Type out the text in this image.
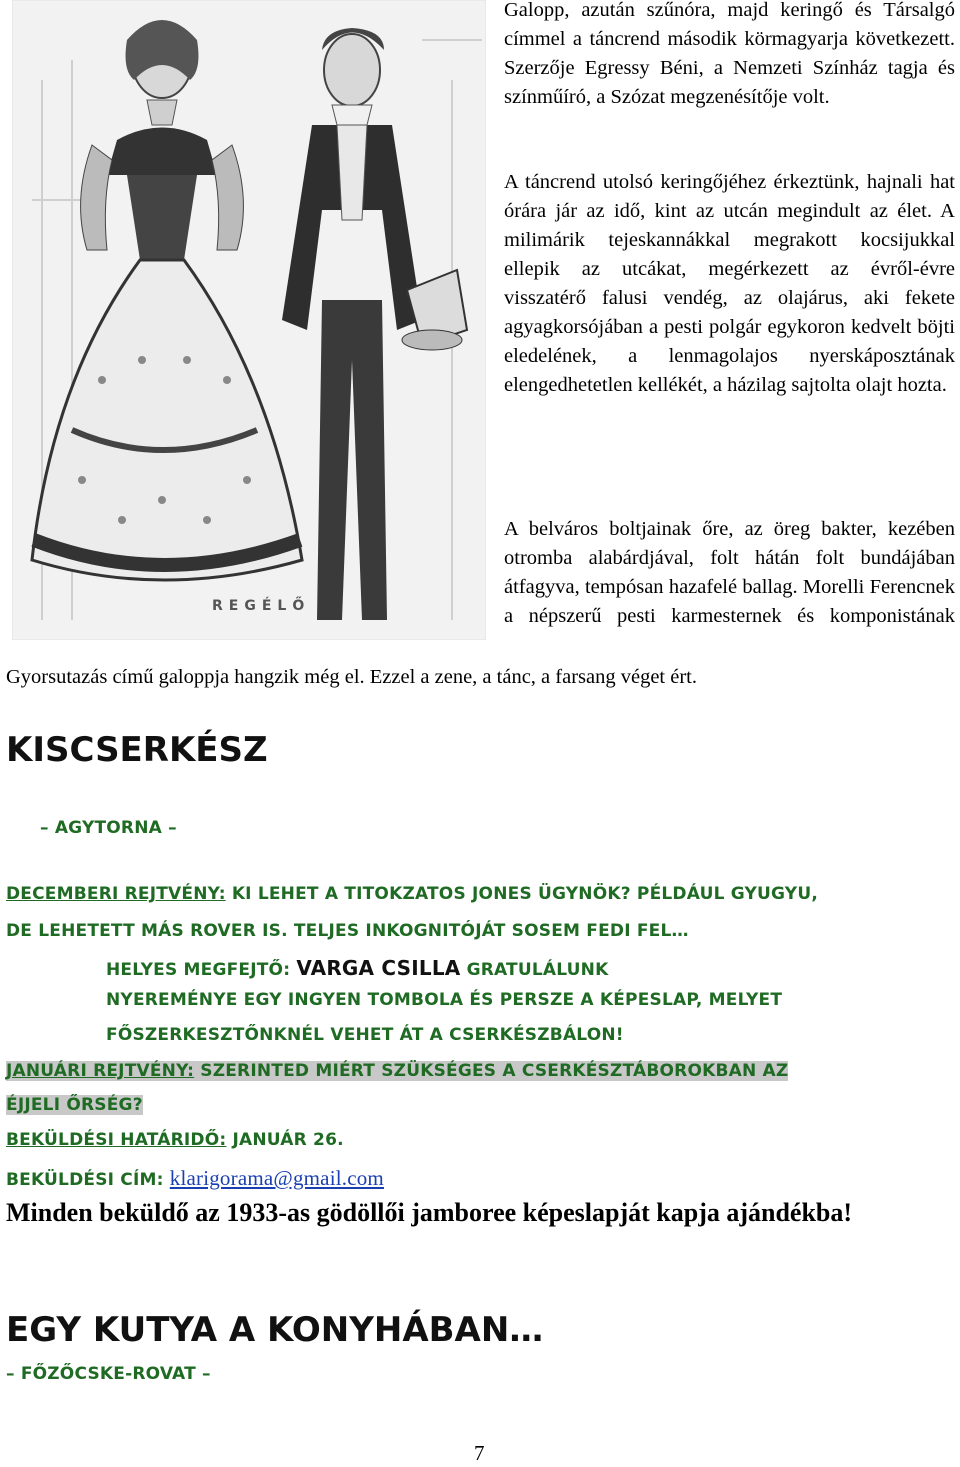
REGÉLŐ

Galopp, azután szűnóra, majd keringő és Társalgó címmel a táncrend második körmagyarja következett. Szerzője Egressy Béni, a Nemzeti Színház tagja és színműíró, a Szózat megzenésítője volt.

A táncrend utolsó keringőjéhez érkeztünk, hajnali hat órára jár az idő, kint az utcán megindult az élet. A milimárik tejeskannákkal megrakott kocsijukkal ellepik az utcákat, megérkezett az évről-évre visszatérő falusi vendég, az olajárus, aki fekete agyagkorsójában a pesti polgár egykoron kedvelt böjti eledelének, a lenmagolajos nyerskáposztának elengedhetetlen kellékét, a házilag sajtolta olajt hozta.

A belváros boltjainak őre, az öreg bakter, kezében otromba alabárdjával, folt hátán folt bundájában átfagyva, tempósan hazafelé ballag. Morelli Ferencnek a népszerű pesti karmesternek és komponistának

Gyorsutazás című galoppja hangzik még el. Ezzel a zene, a tánc, a farsang véget ért.
KISCSERKÉSZ
– AGYTORNA –
DECEMBERI REJTVÉNY: KI LEHET A TITOKZATOS JONES ÜGYNÖK? PÉLDÁUL GYUGYU,
DE LEHETETT MÁS ROVER IS. TELJES INKOGNITÓJÁT SOSEM FEDI FEL…
HELYES MEGFEJTŐ: VARGA CSILLA GRATULÁLUNK
NYEREMÉNYE EGY INGYEN TOMBOLA ÉS PERSZE A KÉPESLAP, MELYET
FŐSZERKESZTŐNKNÉL VEHET ÁT A CSERKÉSZBÁLON!
JANUÁRI REJTVÉNY: SZERINTED MIÉRT SZÜKSÉGES A CSERKÉSZTÁBOROKBAN AZ
ÉJJELI ŐRSÉG?
BEKÜLDÉSI HATÁRIDŐ: JANUÁR 26.
BEKÜLDÉSI CÍM: klarigorama@gmail.com
Minden beküldő az 1933-as gödöllői jamboree képeslapját kapja ajándékba!
EGY KUTYA A KONYHÁBAN…
– FŐZŐCSKE-ROVAT –
7
